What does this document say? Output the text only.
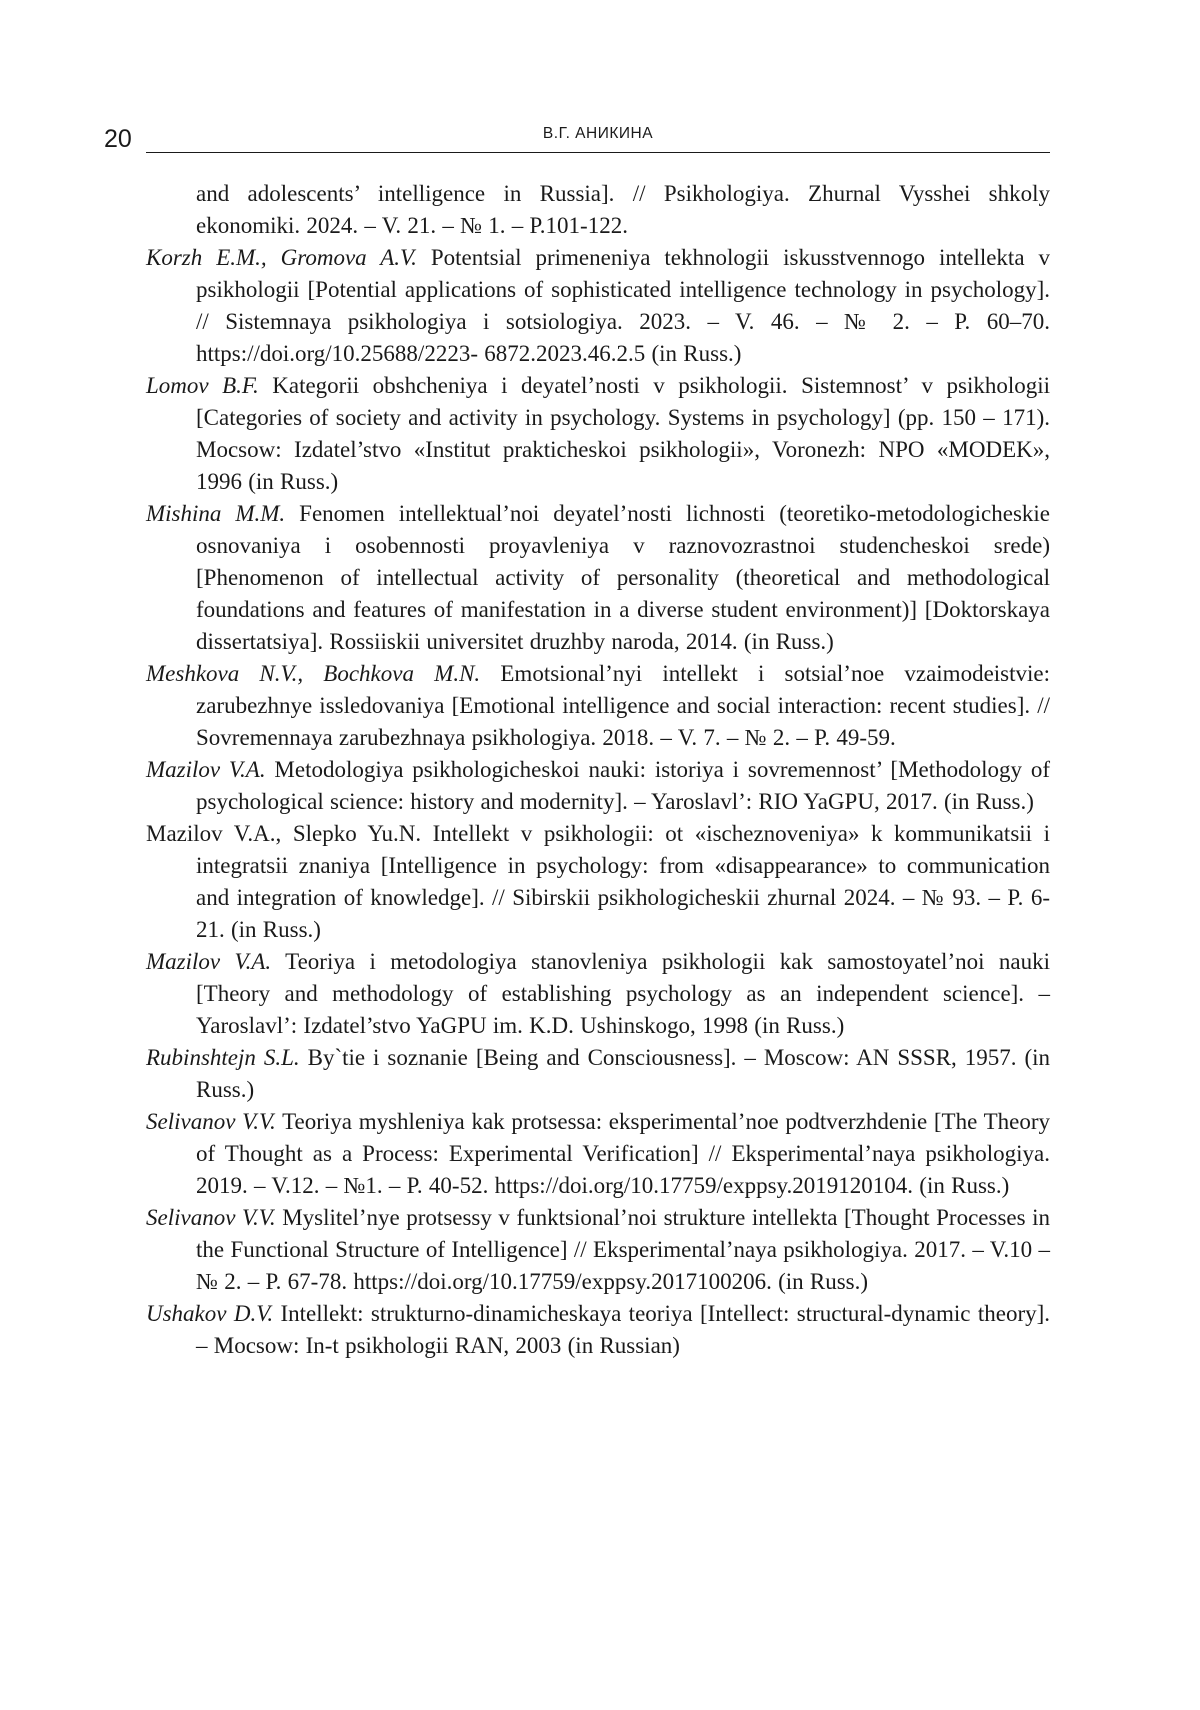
20	В.Г. АНИКИНА
and adolescents’ intelligence in Russia]. // Psikhologiya. Zhurnal Vysshei shkoly ekonomiki. 2024. – V. 21. – № 1. – P.101-122.
Korzh E.M., Gromova A.V. Potentsial primeneniya tekhnologii iskusstvennogo intellekta v psikhologii [Potential applications of sophisticated intelligence technology in psychology]. // Sistemnaya psikhologiya i sotsiologiya. 2023. – V. 46. – № 2. – P. 60–70. https://doi.org/10.25688/2223- 6872.2023.46.2.5 (in Russ.)
Lomov B.F. Kategorii obshcheniya i deyatel’nosti v psikhologii. Sistemnost’ v psikhologii [Categories of society and activity in psychology. Systems in psychology] (pp. 150 – 171). Mocsow: Izdatel’stvo «Institut prakticheskoi psikhologii», Voronezh: NPO «MODEK», 1996 (in Russ.)
Mishina M.M. Fenomen intellektual’noi deyatel’nosti lichnosti (teoretiko-metodologicheskie osnovaniya i osobennosti proyavleniya v raznovozrastnoi studencheskoi srede) [Phenomenon of intellectual activity of personality (theoretical and methodological foundations and features of manifestation in a diverse student environment)] [Doktorskaya dissertatsiya]. Rossiiskii universitet druzhby naroda, 2014. (in Russ.)
Meshkova N.V., Bochkova M.N. Emotsional’nyi intellekt i sotsial’noe vzaimodeistvie: zarubezhnye issledovaniya [Emotional intelligence and social interaction: recent studies]. // Sovremennaya zarubezhnaya psikhologiya. 2018. – V. 7. – № 2. – P. 49-59.
Mazilov V.A. Metodologiya psikhologicheskoi nauki: istoriya i sovremennost’ [Methodology of psychological science: history and modernity]. – Yaroslavl’: RIO YaGPU, 2017. (in Russ.)
Mazilov V.A., Slepko Yu.N. Intellekt v psikhologii: ot «ischeznoveniya» k kommunikatsii i integratsii znaniya [Intelligence in psychology: from «disappearance» to communication and integration of knowledge]. // Sibirskii psikhologicheskii zhurnal 2024. – № 93. – P. 6-21. (in Russ.)
Mazilov V.A. Teoriya i metodologiya stanovleniya psikhologii kak samostoyatel’noi nauki [Theory and methodology of establishing psychology as an independent science]. – Yaroslavl’: Izdatel’stvo YaGPU im. K.D. Ushinskogo, 1998 (in Russ.)
Rubinshtejn S.L. By`tie i soznanie [Being and Consciousness]. – Moscow: AN SSSR, 1957. (in Russ.)
Selivanov V.V. Teoriya myshleniya kak protsessa: eksperimental’noe podtverzhdenie [The Theory of Thought as a Process: Experimental Verification] // Eksperimental’naya psikhologiya. 2019. – V.12. – №1. – P. 40-52. https://doi.org/10.17759/exppsy.2019120104. (in Russ.)
Selivanov V.V. Myslitel’nye protsessy v funktsional’noi strukture intellekta [Thought Processes in the Functional Structure of Intelligence] // Eksperimental’naya psikhologiya. 2017. – V.10 – № 2. – P. 67-78. https://doi.org/10.17759/exppsy.2017100206. (in Russ.)
Ushakov D.V. Intellekt: strukturno-dinamicheskaya teoriya [Intellect: structural-dynamic theory]. – Mocsow: In-t psikhologii RAN, 2003 (in Russian)
